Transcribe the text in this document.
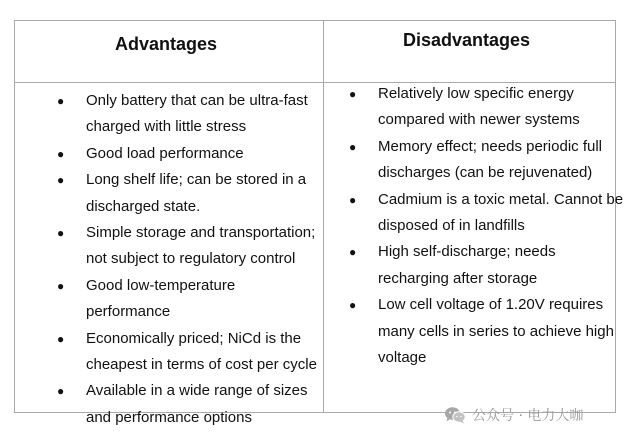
Advantages	Disadvantages
● Only battery that can be ultra-fast charged with little stress
● Good load performance
● Long shelf life; can be stored in a discharged state.
● Simple storage and transportation; not subject to regulatory control
● Good low-temperature performance
● Economically priced; NiCd is the cheapest in terms of cost per cycle
● Available in a wide range of sizes and performance options
● Relatively low specific energy compared with newer systems
● Memory effect; needs periodic full discharges (can be rejuvenated)
● Cadmium is a toxic metal. Cannot be disposed of in landfills
● High self-discharge; needs recharging after storage
● Low cell voltage of 1.20V requires many cells in series to achieve high voltage
公众号 · 电力大咖
